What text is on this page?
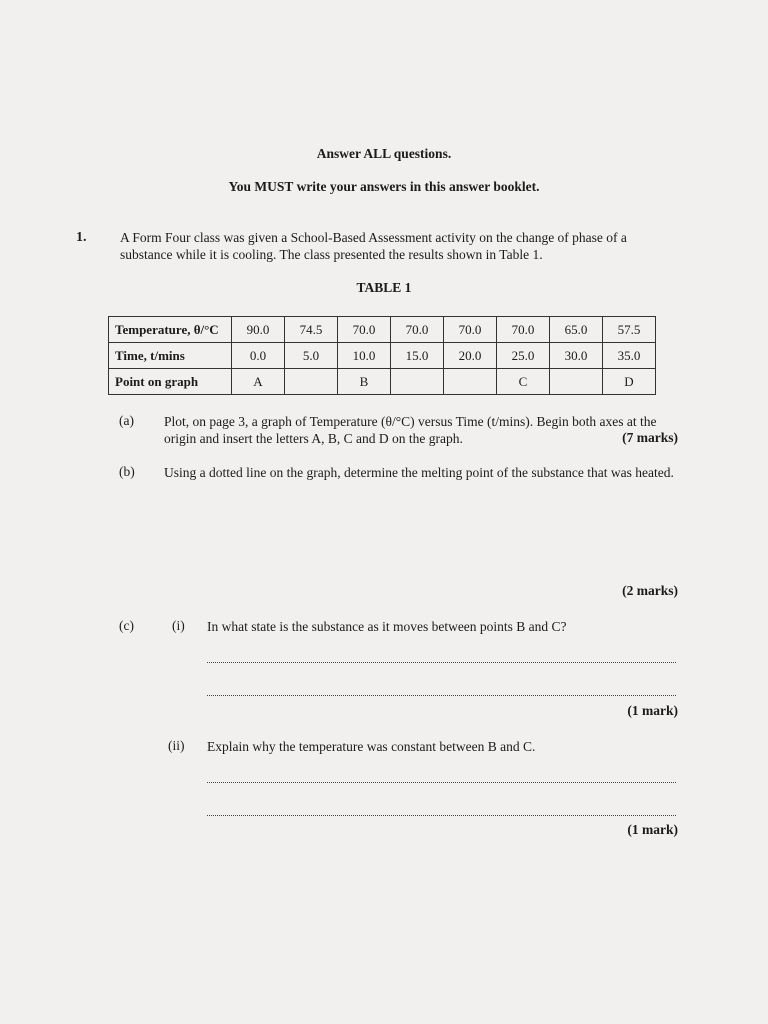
Answer ALL questions.
You MUST write your answers in this answer booklet.
1. A Form Four class was given a School-Based Assessment activity on the change of phase of a substance while it is cooling. The class presented the results shown in Table 1.
TABLE 1
Temperature, θ/°C	90.0	74.5	70.0	70.0	70.0	70.0	65.0	57.5
Time, t/mins	0.0	5.0	10.0	15.0	20.0	25.0	30.0	35.0
Point on graph	A		B			C		D
(a) Plot, on page 3, a graph of Temperature (θ/°C) versus Time (t/mins). Begin both axes at the origin and insert the letters A, B, C and D on the graph.	(7 marks)
(b) Using a dotted line on the graph, determine the melting point of the substance that was heated.
(2 marks)
(c)	(i) In what state is the substance as it moves between points B and C?
(1 mark)
(ii) Explain why the temperature was constant between B and C.
(1 mark)
